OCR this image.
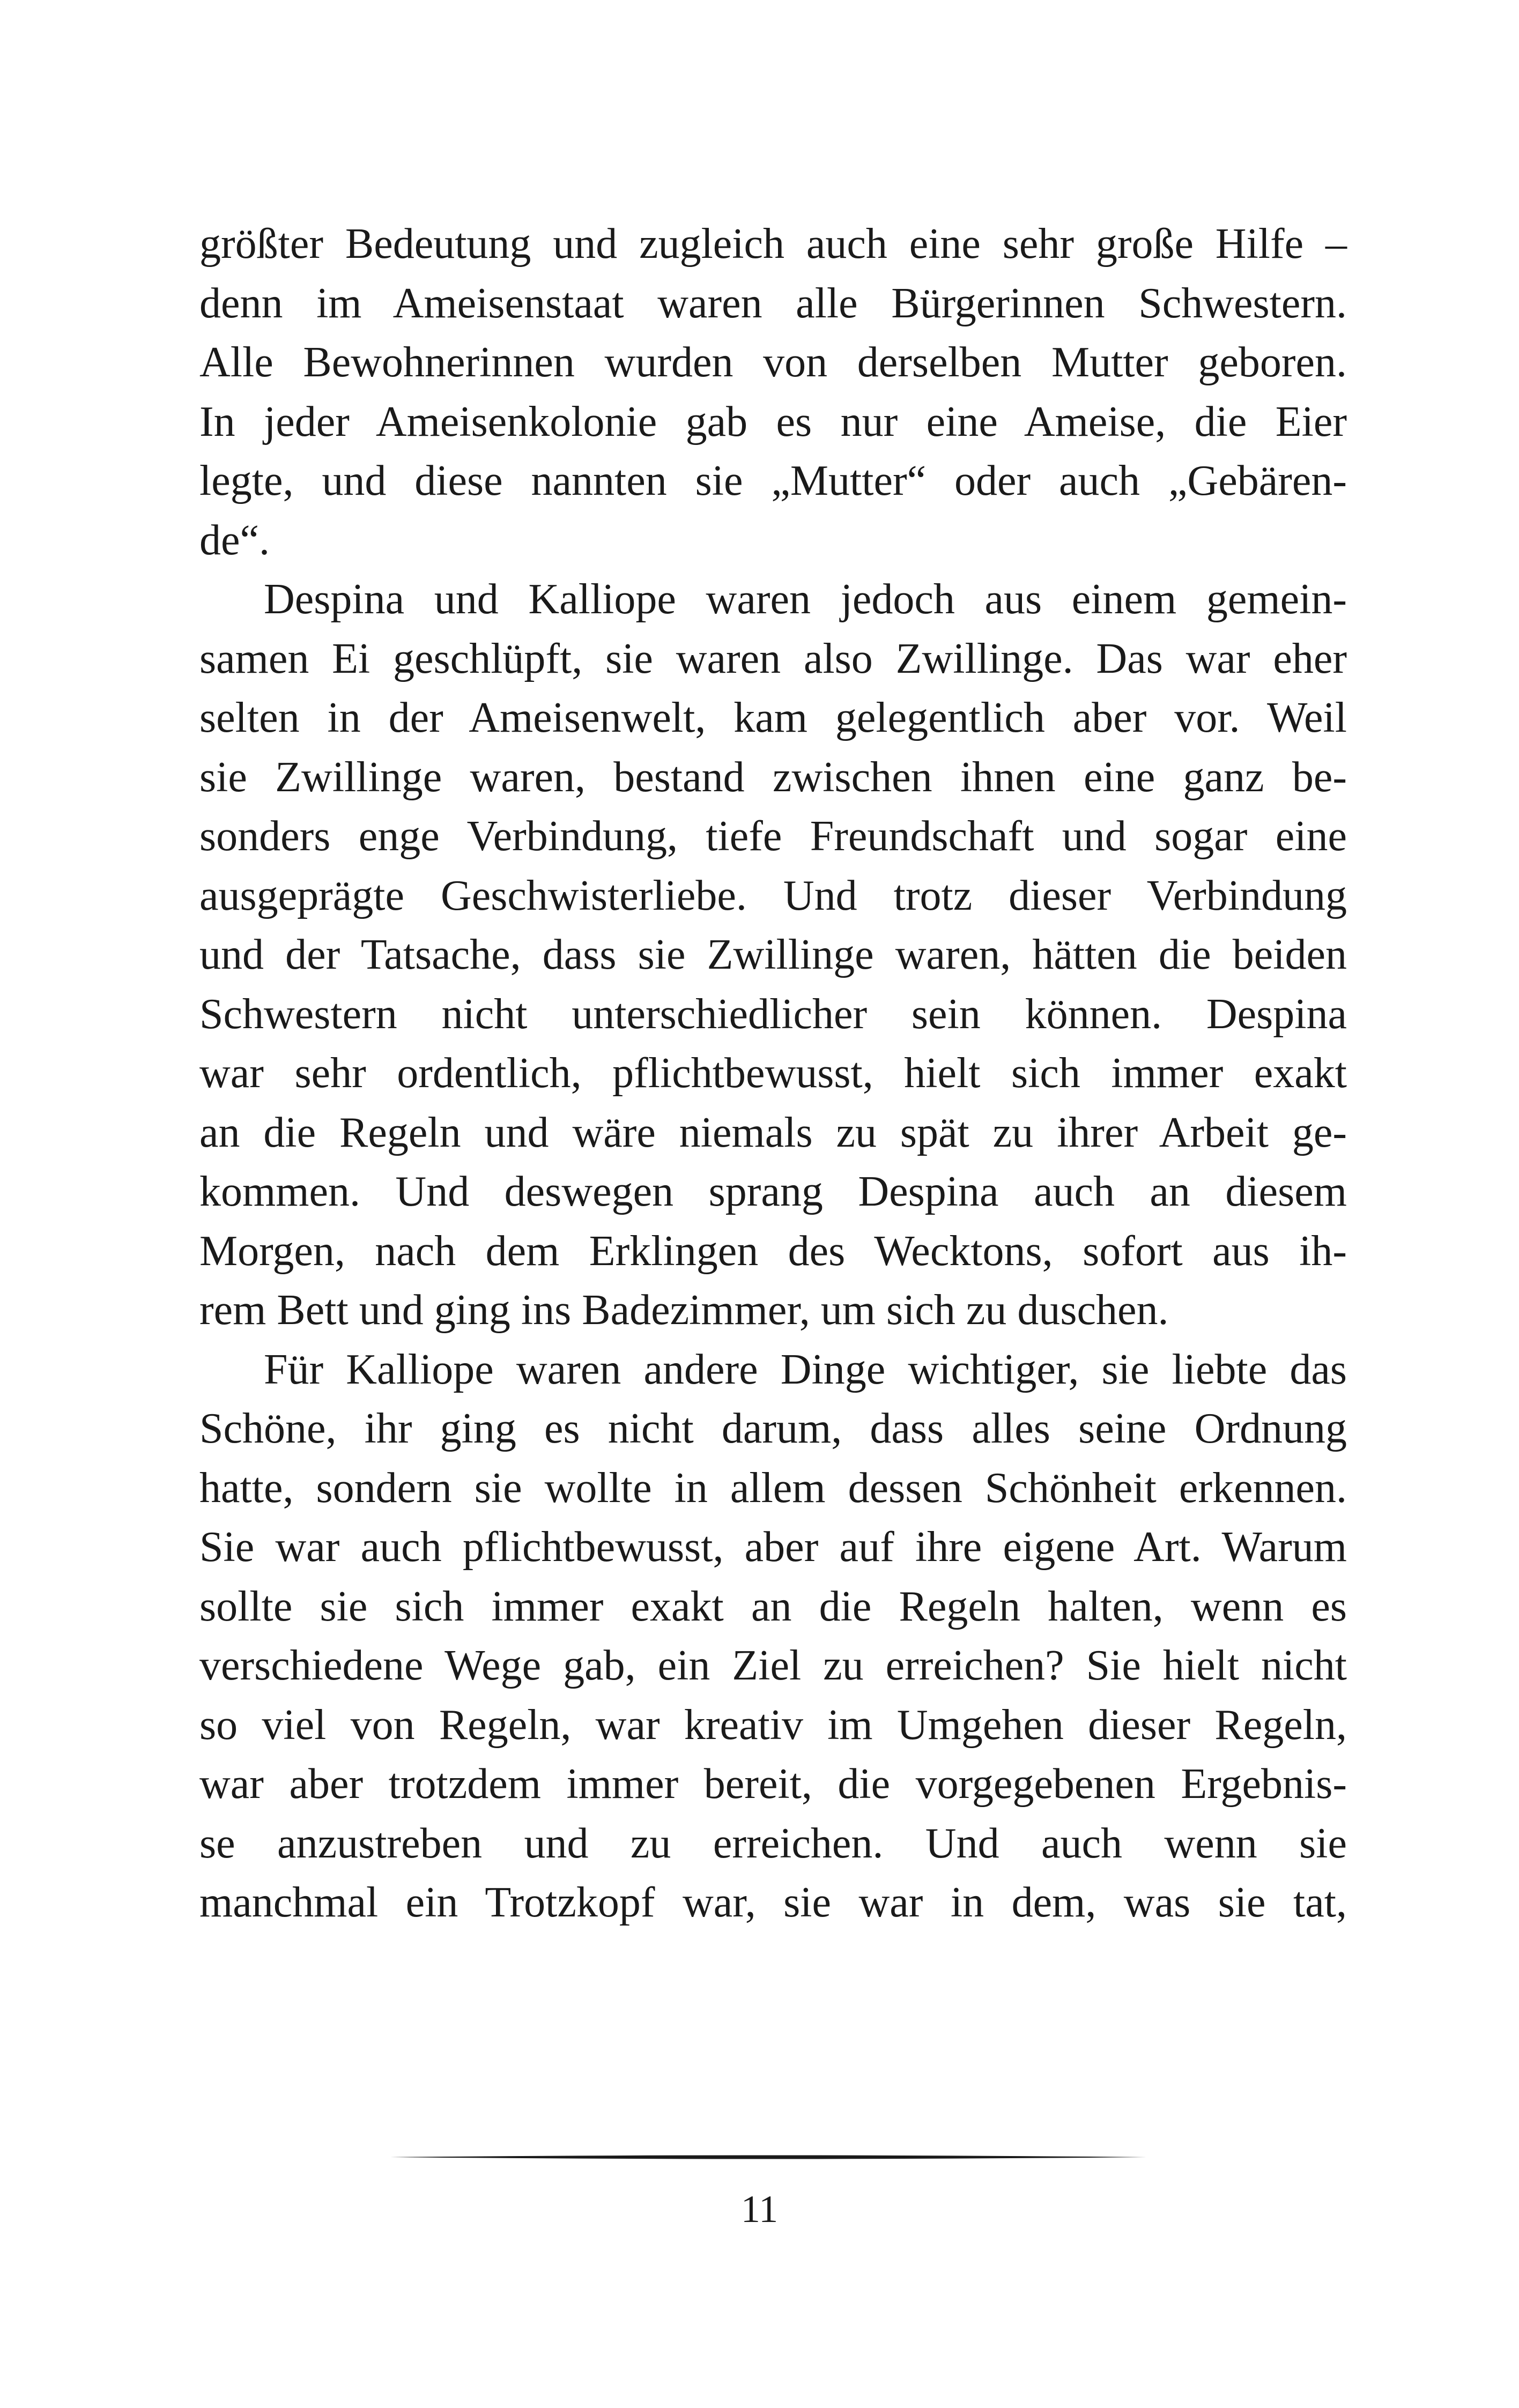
größter Bedeutung und zugleich auch eine sehr große Hilfe –
denn im Ameisenstaat waren alle Bürgerinnen Schwestern.
Alle Bewohnerinnen wurden von derselben Mutter geboren.
In jeder Ameisenkolonie gab es nur eine Ameise, die Eier
legte, und diese nannten sie „Mutter“ oder auch „Gebären-
de“.
Despina und Kalliope waren jedoch aus einem gemein-
samen Ei geschlüpft, sie waren also Zwillinge. Das war eher
selten in der Ameisenwelt, kam gelegentlich aber vor. Weil
sie Zwillinge waren, bestand zwischen ihnen eine ganz be-
sonders enge Verbindung, tiefe Freundschaft und sogar eine
ausgeprägte Geschwisterliebe. Und trotz dieser Verbindung
und der Tatsache, dass sie Zwillinge waren, hätten die beiden
Schwestern nicht unterschiedlicher sein können. Despina
war sehr ordentlich, pflichtbewusst, hielt sich immer exakt
an die Regeln und wäre niemals zu spät zu ihrer Arbeit ge-
kommen. Und deswegen sprang Despina auch an diesem
Morgen, nach dem Erklingen des Wecktons, sofort aus ih-
rem Bett und ging ins Badezimmer, um sich zu duschen.
Für Kalliope waren andere Dinge wichtiger, sie liebte das
Schöne, ihr ging es nicht darum, dass alles seine Ordnung
hatte, sondern sie wollte in allem dessen Schönheit erkennen.
Sie war auch pflichtbewusst, aber auf ihre eigene Art. Warum
sollte sie sich immer exakt an die Regeln halten, wenn es
verschiedene Wege gab, ein Ziel zu erreichen? Sie hielt nicht
so viel von Regeln, war kreativ im Umgehen dieser Regeln,
war aber trotzdem immer bereit, die vorgegebenen Ergebnis-
se anzustreben und zu erreichen. Und auch wenn sie
manchmal ein Trotzkopf war, sie war in dem, was sie tat,
11
